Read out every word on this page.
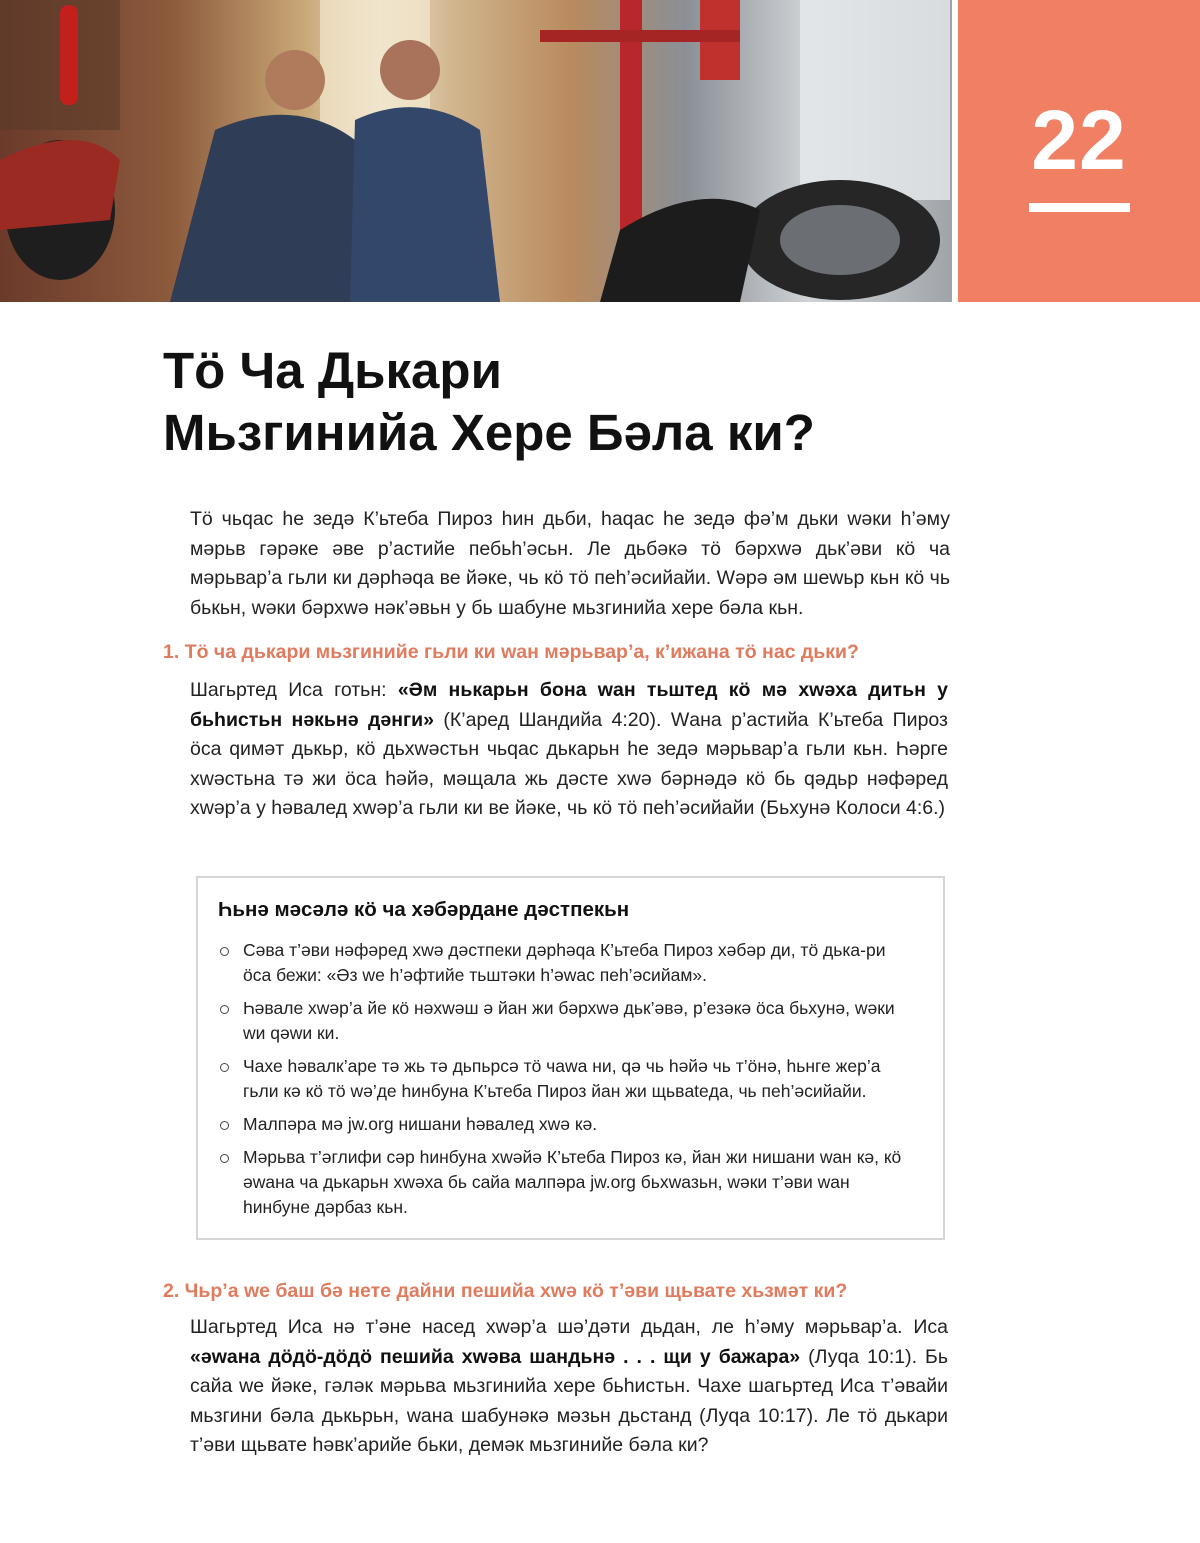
22
Тӧ Ча Дькари
Мьзгинийа Хере Бәла ки?

Тӧ чьqас һе зедә К’ьтеба Пироз һин дьби, һаqас һе зедә фә’м дьки wәки һ’әму мәрьв гәрәке әве р’астийе пебьһ’әсьн. Ле дьбәкә тӧ бәрхwә дьк’әви кӧ ча мәрьвар’а гьли ки дәрһәqа ве йәке, чь кӧ тӧ пеһ’әсийайи. Wәрә әм шеwьр кьн кӧ чь бькьн, wәки бәрхwә нәк’әвьн у бь шабуне мьзгинийа хере бәла кьн.

1. Тӧ ча дькари мьзгинийе гьли ки wан мәрьвар’а, к’ижана тӧ нас дьки?

Шагьртед Иса готьн: «Әм нькарьн бона wан тьштед кӧ мә хwәха дитьн у бьһистьн нәкьнә дәнги» (К’аред Шандийа 4:20). Wана р’астийа К’ьтеба Пироз ӧса qимәт дькьр, кӧ дьхwәстьн чьqас дькарьн һе зедә мәрьвар’а гьли кьн. Һәрге хwәстьна тә жи ӧса һәйә, мәщала жь дәсте хwә бәрнәдә кӧ бь qәдьр нәфәред хwәр’а у һәвалед хwәр’а гьли ки ве йәке, чь кӧ тӧ пеһ’әсийайи (Бьхунә Колоси 4:6.)

Һьнә мәсәлә кӧ ча хәбәрдане дәстпекьн
Сәва т’әви нәфәред хwә дәстпеки дәрһәqа К’ьтеба Пироз хәбәр ди, тӧ дька-ри ӧса бежи: «Әз wе һ’әфтийе тьштәки һ’әwас пеһ’әсийам».
Һәвале хwәр’а йе кӧ нәхwәш ә йан жи бәрхwә дьк’әвә, р’езәкә ӧса бьхунә, wәки wи qәwи ки.
Чахе һәвалк’аре тә жь тә дьпьрсә тӧ чаwа ни, qә чь һәйә чь т’ӧнә, һьнге жер’а гьли кә кӧ тӧ wә’де һинбуна К’ьтеба Пироз йан жи щьвateда, чь пеһ’әсийайи.
Малпәра мә jw.org нишани һәвалед хwә кә.
Мәрьва т’әглифи сәр һинбуна хwәйә К’ьтеба Пироз кә, йан жи нишани wан кә, кӧ әwана ча дькарьн хwәха бь сайа малпәра jw.org бьхwазьн, wәки т’әви wан һинбуне дәрбаз кьн.

2. Чьр’а wе баш бә нете дайни пешийа хwә кӧ т’әви щьвате хьзмәт ки?

Шагьртед Иса нә т’әне насед хwәр’а шә’дәти дьдан, ле һ’әму мәрьвар’а. Иса «әwана дӧдӧ-дӧдӧ пешийа хwәва шандьнә . . . щи у бажара» (Луqа 10:1). Бь сайа wе йәке, гәләк мәрьва мьзгинийа хере бьһистьн. Чахе шагьртед Иса т’әвайи мьзгини бәла дькьрьн, wана шабунәкә мәзьн дьстанд (Луqа 10:17). Ле тӧ дькари т’әви щьвате һәвк’арийе бьки, демәк мьзгинийе бәла ки?
